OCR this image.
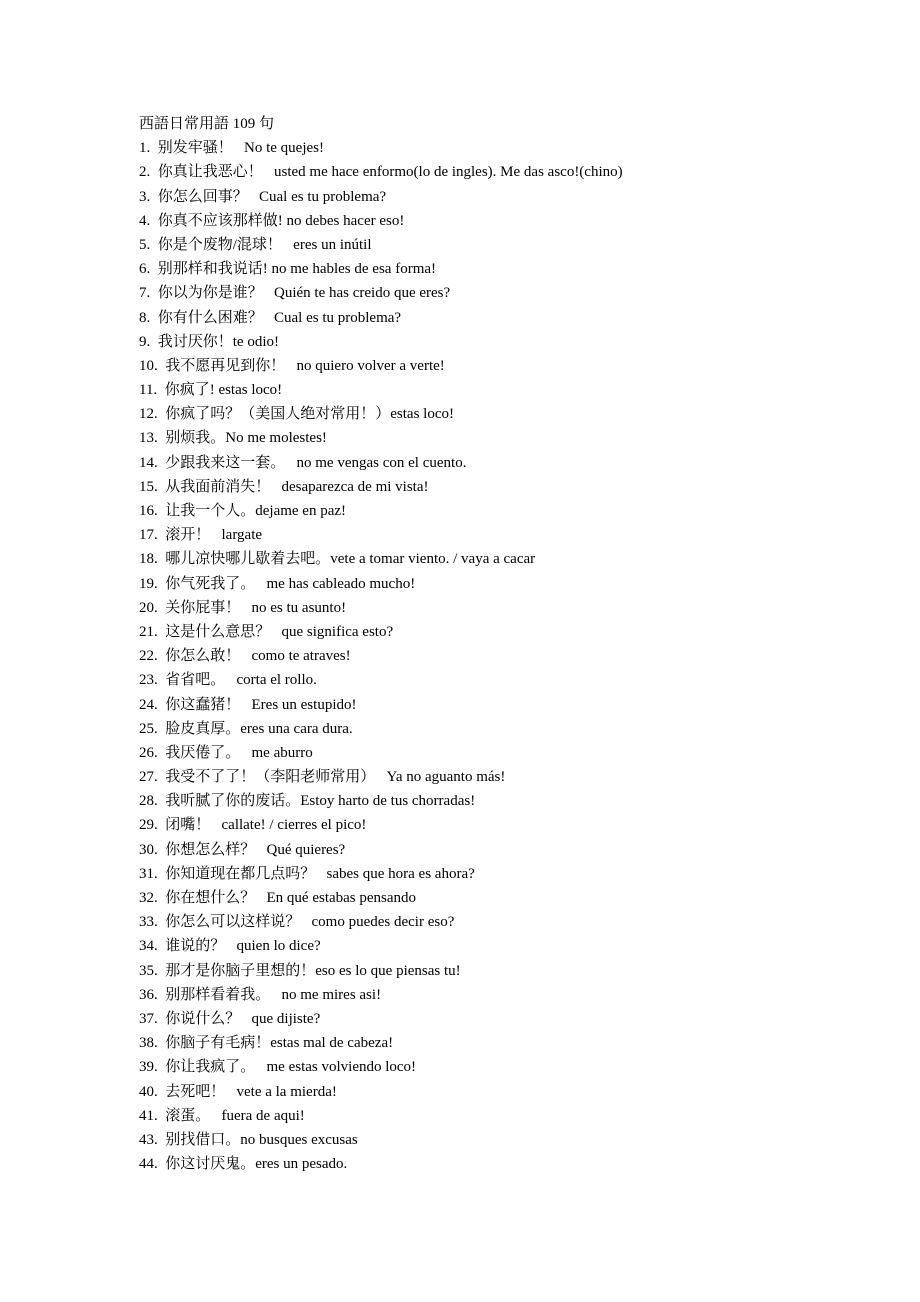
西語日常用語 109 句
1.  别发牢骚！   No te quejes!
2.  你真让我恶心！   usted me hace enformo(lo de ingles). Me das asco!(chino)
3.  你怎么回事？   Cual es tu problema?
4.  你真不应该那样做! no debes hacer eso!
5.  你是个废物/混球！   eres un inútil
6.  别那样和我说话! no me hables de esa forma!
7.  你以为你是谁？   Quién te has creido que eres?
8.  你有什么困难？   Cual es tu problema?
9.  我讨厌你！te odio!
10.  我不愿再见到你！   no quiero volver a verte!
11.  你疯了! estas loco!
12.  你疯了吗？（美国人绝对常用！）estas loco!
13.  别烦我。No me molestes!
14.  少跟我来这一套。   no me vengas con el cuento.
15.  从我面前消失！   desaparezca de mi vista!
16.  让我一个人。dejame en paz!
17.  滚开！   largate
18.  哪儿凉快哪儿歇着去吧。vete a tomar viento. / vaya a cacar
19.  你气死我了。   me has cableado mucho!
20.  关你屁事！   no es tu asunto!
21.  这是什么意思？   que significa esto?
22.  你怎么敢！   como te atraves!
23.  省省吧。   corta el rollo.
24.  你这蠢猪！   Eres un estupido!
25.  脸皮真厚。eres una cara dura.
26.  我厌倦了。   me aburro
27.  我受不了了！（李阳老师常用）   Ya no aguanto más!
28.  我听腻了你的废话。Estoy harto de tus chorradas!
29.  闭嘴！   callate! / cierres el pico!
30.  你想怎么样？   Qué quieres?
31.  你知道现在都几点吗？   sabes que hora es ahora?
32.  你在想什么？   En qué estabas pensando
33.  你怎么可以这样说？   como puedes decir eso?
34.  谁说的？   quien lo dice?
35.  那才是你脑子里想的！eso es lo que piensas tu!
36.  别那样看着我。   no me mires asi!
37.  你说什么？   que dijiste?
38.  你脑子有毛病！estas mal de cabeza!
39.  你让我疯了。   me estas volviendo loco!
40.  去死吧！   vete a la mierda!
41.  滚蛋。   fuera de aqui!
43.  别找借口。no busques excusas
44.  你这讨厌鬼。eres un pesado.
